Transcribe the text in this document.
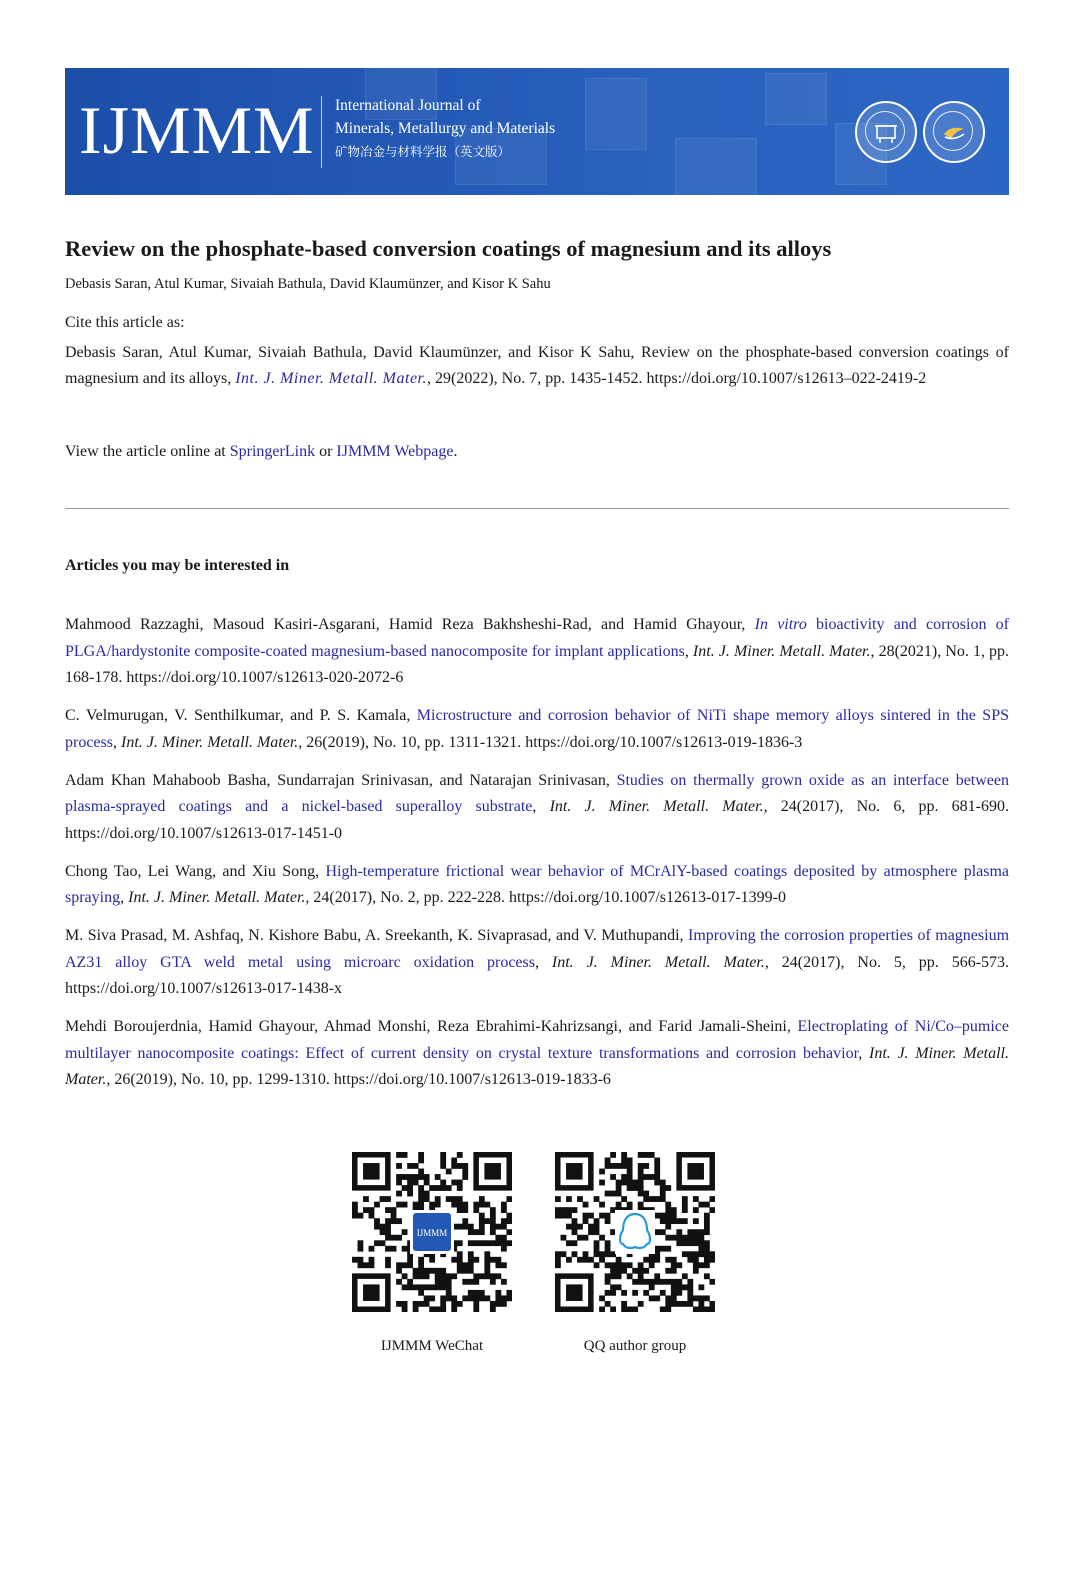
IJMMM International Journal of
Minerals, Metallurgy and Materials
矿物冶金与材料学报（英文版）
Review on the phosphate-based conversion coatings of magnesium and its alloys
Debasis Saran, Atul Kumar, Sivaiah Bathula, David Klaumünzer, and Kisor K Sahu
Cite this article as:
Debasis Saran, Atul Kumar, Sivaiah Bathula, David Klaumünzer, and Kisor K Sahu, Review on the phosphate-based conversion coatings of magnesium and its alloys, Int. J. Miner. Metall. Mater., 29(2022), No. 7, pp. 1435-1452. https://doi.org/10.1007/s12613–022-2419-2
View the article online at SpringerLink or IJMMM Webpage.
Articles you may be interested in
Mahmood Razzaghi, Masoud Kasiri-Asgarani, Hamid Reza Bakhsheshi-Rad, and Hamid Ghayour, In vitro bioactivity and corrosion of PLGA/hardystonite composite-coated magnesium-based nanocomposite for implant applications, Int. J. Miner. Metall. Mater., 28(2021), No. 1, pp. 168-178. https://doi.org/10.1007/s12613-020-2072-6
C. Velmurugan, V. Senthilkumar, and P. S. Kamala, Microstructure and corrosion behavior of NiTi shape memory alloys sintered in the SPS process, Int. J. Miner. Metall. Mater., 26(2019), No. 10, pp. 1311-1321. https://doi.org/10.1007/s12613-019-1836-3
Adam Khan Mahaboob Basha, Sundarrajan Srinivasan, and Natarajan Srinivasan, Studies on thermally grown oxide as an interface between plasma-sprayed coatings and a nickel-based superalloy substrate, Int. J. Miner. Metall. Mater., 24(2017), No. 6, pp. 681-690. https://doi.org/10.1007/s12613-017-1451-0
Chong Tao, Lei Wang, and Xiu Song, High-temperature frictional wear behavior of MCrAlY-based coatings deposited by atmosphere plasma spraying, Int. J. Miner. Metall. Mater., 24(2017), No. 2, pp. 222-228. https://doi.org/10.1007/s12613-017-1399-0
M. Siva Prasad, M. Ashfaq, N. Kishore Babu, A. Sreekanth, K. Sivaprasad, and V. Muthupandi, Improving the corrosion properties of magnesium AZ31 alloy GTA weld metal using microarc oxidation process, Int. J. Miner. Metall. Mater., 24(2017), No. 5, pp. 566-573. https://doi.org/10.1007/s12613-017-1438-x
Mehdi Boroujerdnia, Hamid Ghayour, Ahmad Monshi, Reza Ebrahimi-Kahrizsangi, and Farid Jamali-Sheini, Electroplating of Ni/Co–pumice multilayer nanocomposite coatings: Effect of current density on crystal texture transformations and corrosion behavior, Int. J. Miner. Metall. Mater., 26(2019), No. 10, pp. 1299-1310. https://doi.org/10.1007/s12613-019-1833-6
IJMMM
IJMMM WeChat	QQ author group
